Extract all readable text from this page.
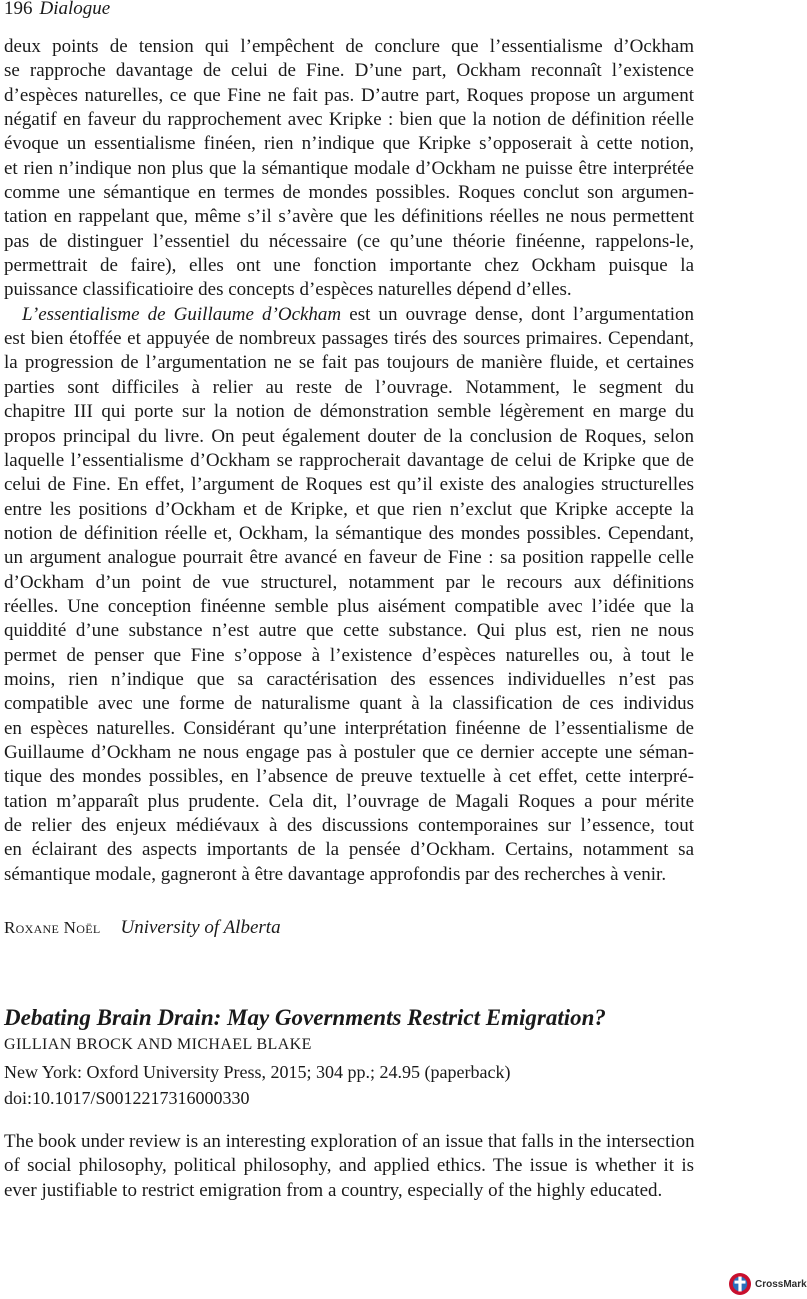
196 Dialogue

deux points de tension qui l’empêchent de conclure que l’essentialisme d’Ockham
se rapproche davantage de celui de Fine. D’une part, Ockham reconnaît l’existence
d’espèces naturelles, ce que Fine ne fait pas. D’autre part, Roques propose un argument
négatif en faveur du rapprochement avec Kripke : bien que la notion de définition réelle
évoque un essentialisme finéen, rien n’indique que Kripke s’opposerait à cette notion,
et rien n’indique non plus que la sémantique modale d’Ockham ne puisse être interprétée
comme une sémantique en termes de mondes possibles. Roques conclut son argumen-
tation en rappelant que, même s’il s’avère que les définitions réelles ne nous permettent
pas de distinguer l’essentiel du nécessaire (ce qu’une théorie finéenne, rappelons-le,
permettrait de faire), elles ont une fonction importante chez Ockham puisque la
puissance classificatioire des concepts d’espèces naturelles dépend d’elles.

L’essentialisme de Guillaume d’Ockham est un ouvrage dense, dont l’argumentation
est bien étoffée et appuyée de nombreux passages tirés des sources primaires. Cependant,
la progression de l’argumentation ne se fait pas toujours de manière fluide, et certaines
parties sont difficiles à relier au reste de l’ouvrage. Notamment, le segment du
chapitre III qui porte sur la notion de démonstration semble légèrement en marge du
propos principal du livre. On peut également douter de la conclusion de Roques, selon
laquelle l’essentialisme d’Ockham se rapprocherait davantage de celui de Kripke que de
celui de Fine. En effet, l’argument de Roques est qu’il existe des analogies structurelles
entre les positions d’Ockham et de Kripke, et que rien n’exclut que Kripke accepte la
notion de définition réelle et, Ockham, la sémantique des mondes possibles. Cependant,
un argument analogue pourrait être avancé en faveur de Fine : sa position rappelle celle
d’Ockham d’un point de vue structurel, notamment par le recours aux définitions
réelles. Une conception finéenne semble plus aisément compatible avec l’idée que la
quiddité d’une substance n’est autre que cette substance. Qui plus est, rien ne nous
permet de penser que Fine s’oppose à l’existence d’espèces naturelles ou, à tout le
moins, rien n’indique que sa caractérisation des essences individuelles n’est pas
compatible avec une forme de naturalisme quant à la classification de ces individus
en espèces naturelles. Considérant qu’une interprétation finéenne de l’essentialisme de
Guillaume d’Ockham ne nous engage pas à postuler que ce dernier accepte une séman-
tique des mondes possibles, en l’absence de preuve textuelle à cet effet, cette interpré-
tation m’apparaît plus prudente. Cela dit, l’ouvrage de Magali Roques a pour mérite
de relier des enjeux médiévaux à des discussions contemporaines sur l’essence, tout
en éclairant des aspects importants de la pensée d’Ockham. Certains, notamment sa
sémantique modale, gagneront à être davantage approfondis par des recherches à venir.

Roxane Noël University of Alberta
Debating Brain Drain: May Governments Restrict Emigration?
GILLIAN BROCK AND MICHAEL BLAKE
New York: Oxford University Press, 2015; 304 pp.; 24.95 (paperback)
doi:10.1017/S0012217316000330

The book under review is an interesting exploration of an issue that falls in the intersection
of social philosophy, political philosophy, and applied ethics. The issue is whether it is
ever justifiable to restrict emigration from a country, especially of the highly educated.

CrossMark
